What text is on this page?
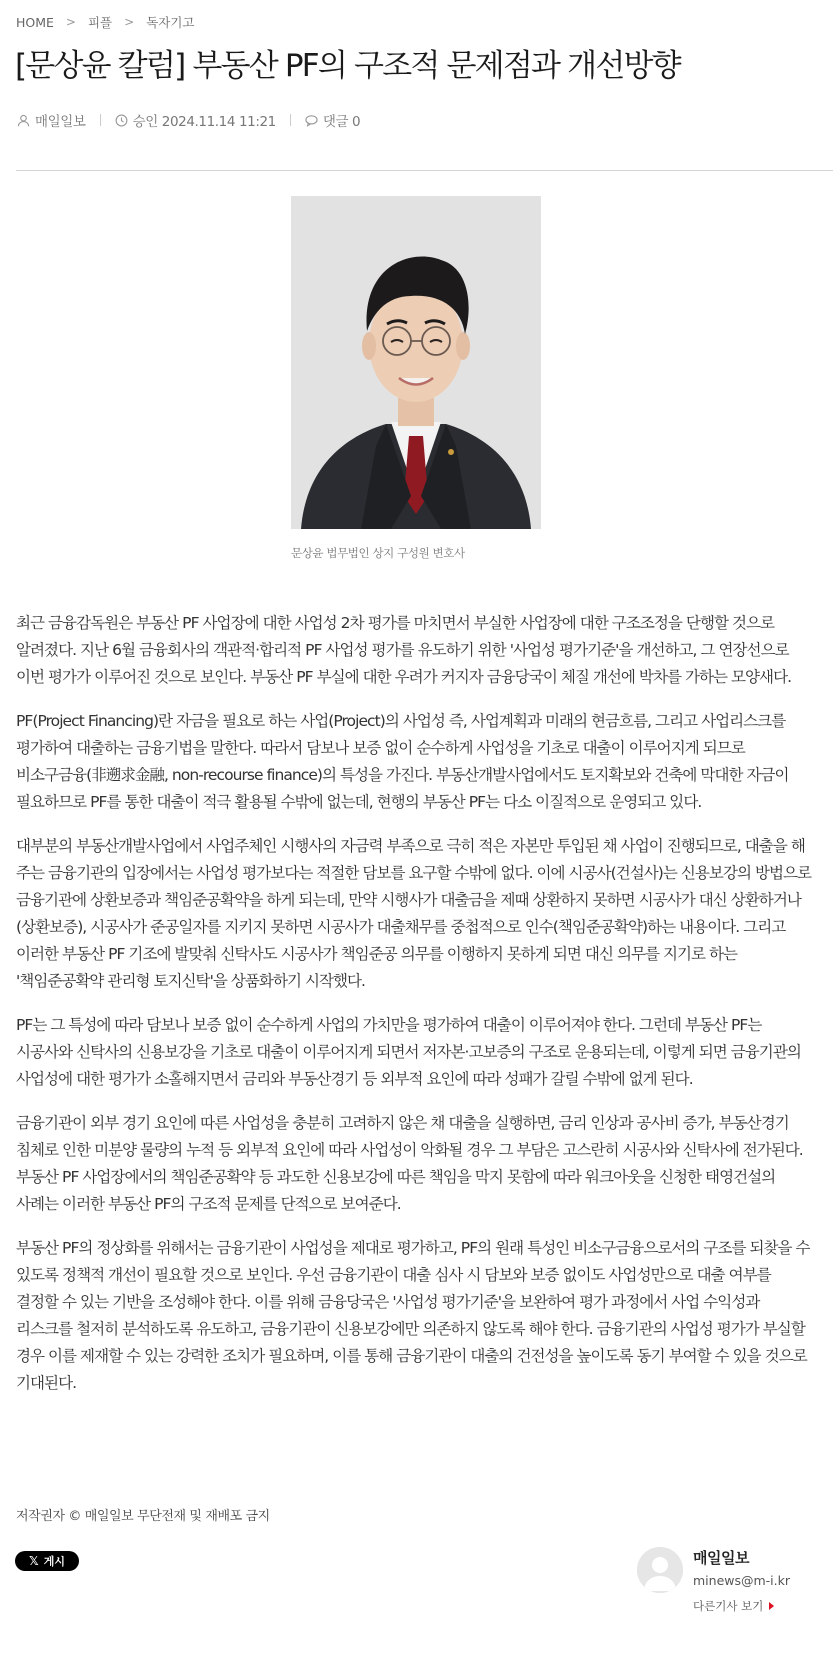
HOME > 피플 > 독자기고
[문상윤 칼럼] 부동산 PF의 구조적 문제점과 개선방향
매일일보	승인 2024.11.14 11:21	댓글 0
문상윤 법무법인 상지 구성원 변호사

최근 금융감독원은 부동산 PF 사업장에 대한 사업성 2차 평가를 마치면서 부실한 사업장에 대한 구조조정을 단행할 것으로 알려졌다. 지난 6월 금융회사의 객관적·합리적 PF 사업성 평가를 유도하기 위한 '사업성 평가기준'을 개선하고, 그 연장선으로 이번 평가가 이루어진 것으로 보인다. 부동산 PF 부실에 대한 우려가 커지자 금융당국이 체질 개선에 박차를 가하는 모양새다.

PF(Project Financing)란 자금을 필요로 하는 사업(Project)의 사업성 즉, 사업계획과 미래의 현금흐름, 그리고 사업리스크를 평가하여 대출하는 금융기법을 말한다. 따라서 담보나 보증 없이 순수하게 사업성을 기초로 대출이 이루어지게 되므로 비소구금융(非遡求金融, non-recourse finance)의 특성을 가진다. 부동산개발사업에서도 토지확보와 건축에 막대한 자금이 필요하므로 PF를 통한 대출이 적극 활용될 수밖에 없는데, 현행의 부동산 PF는 다소 이질적으로 운영되고 있다.

대부분의 부동산개발사업에서 사업주체인 시행사의 자금력 부족으로 극히 적은 자본만 투입된 채 사업이 진행되므로, 대출을 해 주는 금융기관의 입장에서는 사업성 평가보다는 적절한 담보를 요구할 수밖에 없다. 이에 시공사(건설사)는 신용보강의 방법으로 금융기관에 상환보증과 책임준공확약을 하게 되는데, 만약 시행사가 대출금을 제때 상환하지 못하면 시공사가 대신 상환하거나(상환보증), 시공사가 준공일자를 지키지 못하면 시공사가 대출채무를 중첩적으로 인수(책임준공확약)하는 내용이다. 그리고 이러한 부동산 PF 기조에 발맞춰 신탁사도 시공사가 책임준공 의무를 이행하지 못하게 되면 대신 의무를 지기로 하는 '책임준공확약 관리형 토지신탁'을 상품화하기 시작했다.

PF는 그 특성에 따라 담보나 보증 없이 순수하게 사업의 가치만을 평가하여 대출이 이루어져야 한다. 그런데 부동산 PF는 시공사와 신탁사의 신용보강을 기초로 대출이 이루어지게 되면서 저자본·고보증의 구조로 운용되는데, 이렇게 되면 금융기관의 사업성에 대한 평가가 소홀해지면서 금리와 부동산경기 등 외부적 요인에 따라 성패가 갈릴 수밖에 없게 된다.

금융기관이 외부 경기 요인에 따른 사업성을 충분히 고려하지 않은 채 대출을 실행하면, 금리 인상과 공사비 증가, 부동산경기 침체로 인한 미분양 물량의 누적 등 외부적 요인에 따라 사업성이 악화될 경우 그 부담은 고스란히 시공사와 신탁사에 전가된다. 부동산 PF 사업장에서의 책임준공확약 등 과도한 신용보강에 따른 책임을 막지 못함에 따라 워크아웃을 신청한 태영건설의 사례는 이러한 부동산 PF의 구조적 문제를 단적으로 보여준다.

부동산 PF의 정상화를 위해서는 금융기관이 사업성을 제대로 평가하고, PF의 원래 특성인 비소구금융으로서의 구조를 되찾을 수 있도록 정책적 개선이 필요할 것으로 보인다. 우선 금융기관이 대출 심사 시 담보와 보증 없이도 사업성만으로 대출 여부를 결정할 수 있는 기반을 조성해야 한다. 이를 위해 금융당국은 '사업성 평가기준'을 보완하여 평가 과정에서 사업 수익성과 리스크를 철저히 분석하도록 유도하고, 금융기관이 신용보강에만 의존하지 않도록 해야 한다. 금융기관의 사업성 평가가 부실할 경우 이를 제재할 수 있는 강력한 조치가 필요하며, 이를 통해 금융기관이 대출의 건전성을 높이도록 동기 부여할 수 있을 것으로 기대된다.

저작권자 © 매일일보 무단전재 및 재배포 금지
𝕏 게시	매일일보
minews@m-i.kr
다른기사 보기
